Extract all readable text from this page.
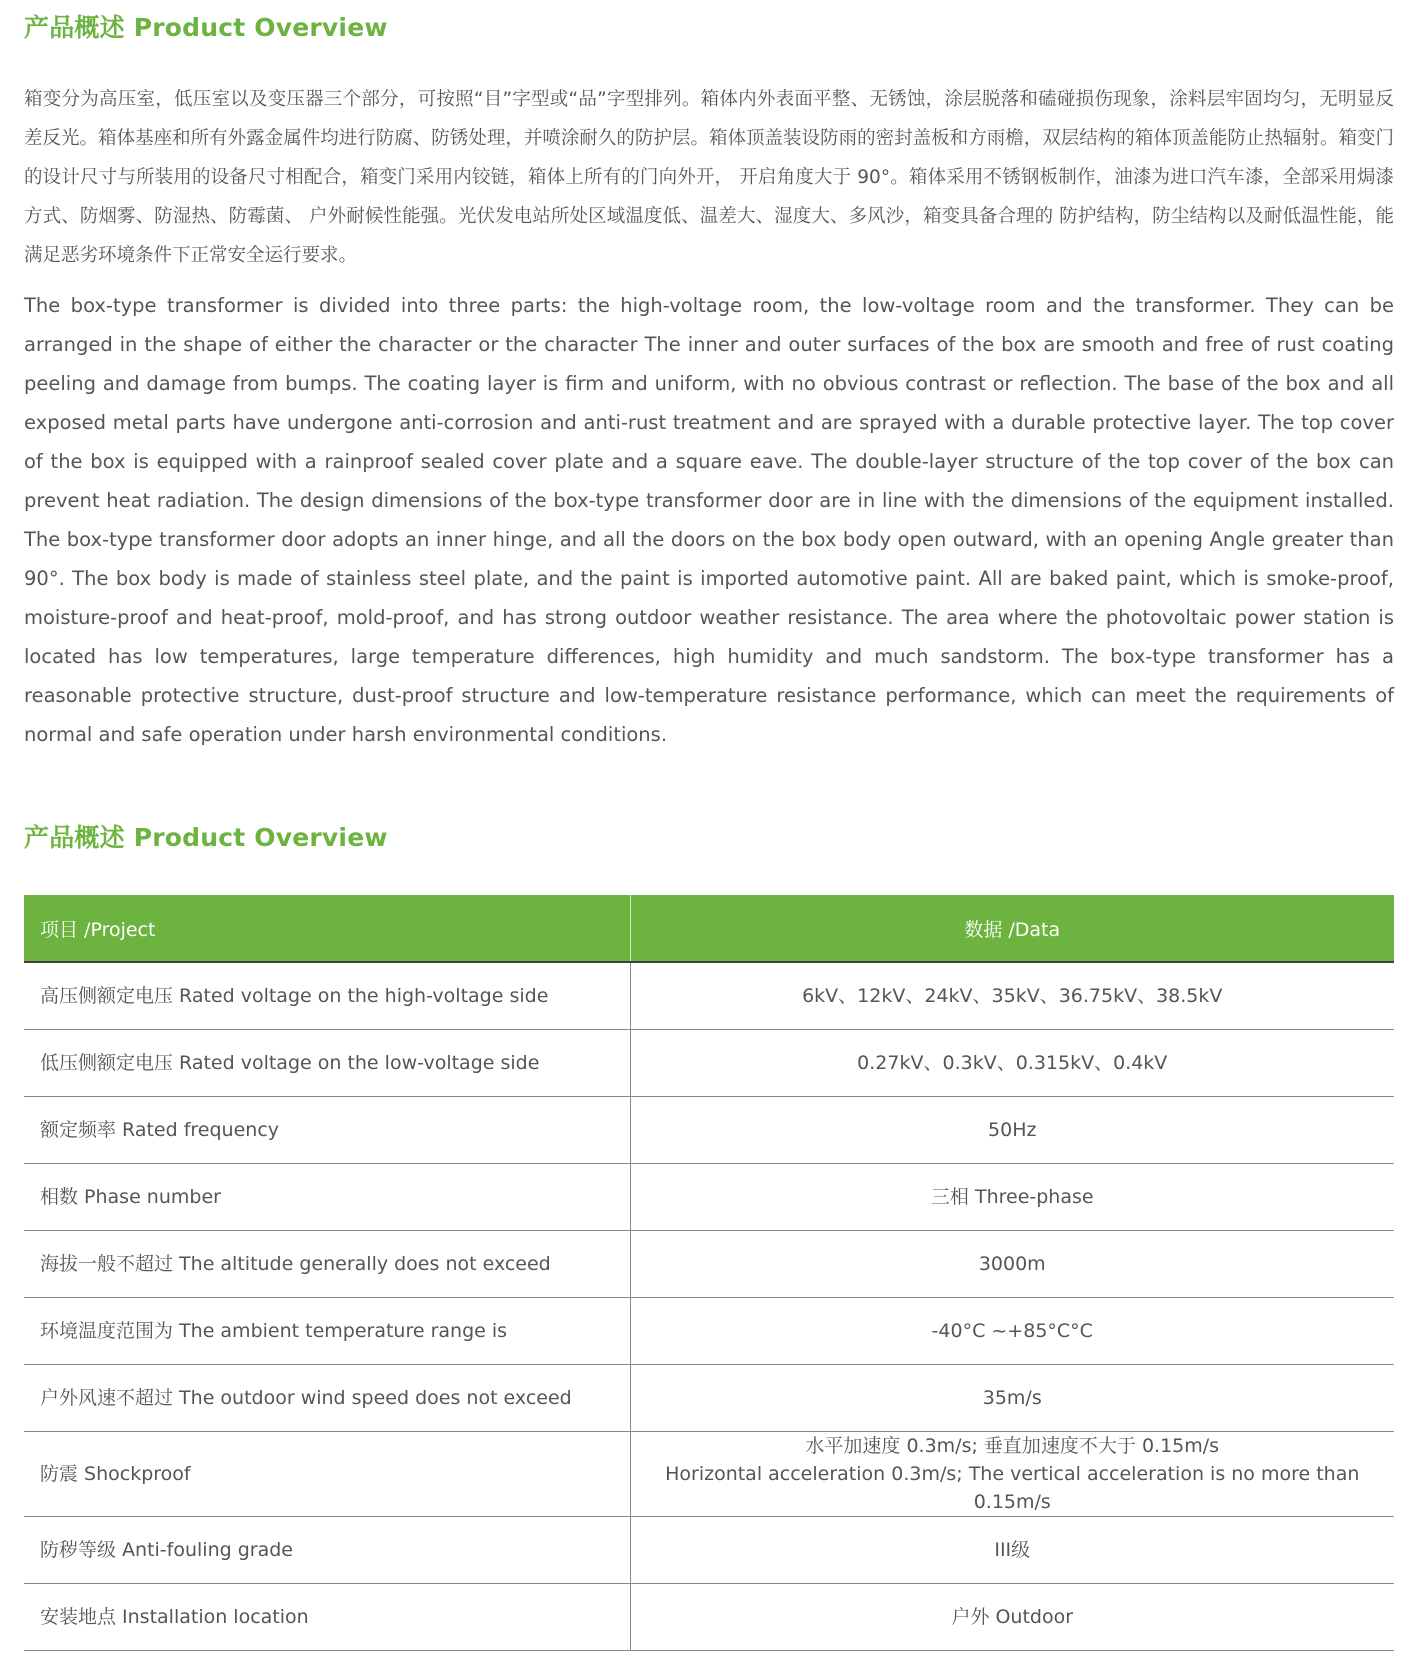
产品概述 Product Overview

箱变分为高压室，低压室以及变压器三个部分，可按照“目”字型或“品”字型排列。箱体内外表面平整、无锈蚀，涂层脱落和磕碰损伤现象，涂料层牢固均匀，无明显反差反光。箱体基座和所有外露金属件均进行防腐、防锈处理，并喷涂耐久的防护层。箱体顶盖装设防雨的密封盖板和方雨檐，双层结构的箱体顶盖能防止热辐射。箱变门的设计尺寸与所装用的设备尺寸相配合，箱变门采用内铰链，箱体上所有的门向外开， 开启角度大于 90°。箱体采用不锈钢板制作，油漆为进口汽车漆，全部采用焗漆方式、防烟雾、防湿热、防霉菌、 户外耐候性能强。光伏发电站所处区域温度低、温差大、湿度大、多风沙，箱变具备合理的 防护结构，防尘结构以及耐低温性能，能满足恶劣环境条件下正常安全运行要求。

The box-type transformer is divided into three parts: the high-voltage room, the low-voltage room and the transformer. They can be arranged in the shape of either the character or the character The inner and outer surfaces of the box are smooth and free of rust coating peeling and damage from bumps. The coating layer is firm and uniform, with no obvious contrast or reflection. The base of the box and all exposed metal parts have undergone anti-corrosion and anti-rust treatment and are sprayed with a durable protective layer. The top cover of the box is equipped with a rainproof sealed cover plate and a square eave. The double-layer structure of the top cover of the box can prevent heat radiation. The design dimensions of the box-type transformer door are in line with the dimensions of the equipment installed. The box-type transformer door adopts an inner hinge, and all the doors on the box body open outward, with an opening Angle greater than 90°. The box body is made of stainless steel plate, and the paint is imported automotive paint. All are baked paint, which is smoke-proof, moisture-proof and heat-proof, mold-proof, and has strong outdoor weather resistance. The area where the photovoltaic power station is located has low temperatures, large temperature differences, high humidity and much sandstorm. The box-type transformer has a reasonable protective structure, dust-proof structure and low-temperature resistance performance, which can meet the requirements of normal and safe operation under harsh environmental conditions.

产品概述 Product Overview
项目 /Project	数据 /Data
高压侧额定电压 Rated voltage on the high-voltage side	6kV、12kV、24kV、35kV、36.75kV、38.5kV

低压侧额定电压 Rated voltage on the low-voltage side	0.27kV、0.3kV、0.315kV、0.4kV

额定频率 Rated frequency	50Hz

相数 Phase number	三相 Three-phase

海拔一般不超过 The altitude generally does not exceed	3000m

环境温度范围为 The ambient temperature range is	-40°C ~+85°C°C

户外风速不超过 The outdoor wind speed does not exceed	35m/s

防震 Shockproof	水平加速度 0.3m/s; 垂直加速度不大于 0.15m/s
Horizontal acceleration 0.3m/s; The vertical acceleration is no more than 0.15m/s

防秽等级 Anti-fouling grade	III级

安装地点 Installation location	户外 Outdoor
